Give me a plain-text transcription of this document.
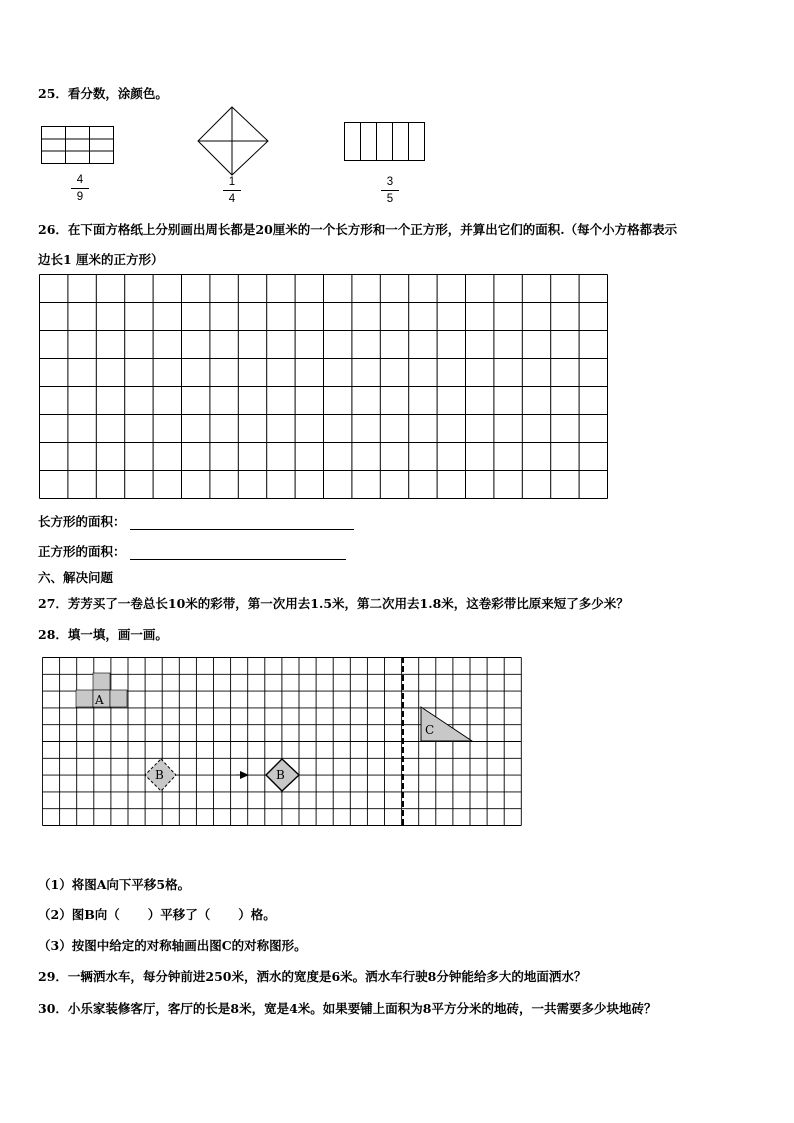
25．看分数，涂颜色。
4
9
1
4
3
5
26．在下面方格纸上分别画出周长都是20厘米的一个长方形和一个正方形，并算出它们的面积.（每个小方格都表示
边长1 厘米的正方形）
长方形的面积：
正方形的面积：
六、解决问题
27．芳芳买了一卷总长10米的彩带，第一次用去1.5米，第二次用去1.8米，这卷彩带比原来短了多少米？
28．填一填，画一画。
A
C
B	B
（1）将图A向下平移5格。
（2）图B向（ ）平移了（ ）格。
（3）按图中给定的对称轴画出图C的对称图形。
29．一辆洒水车，每分钟前进250米，洒水的宽度是6米。洒水车行驶8分钟能给多大的地面洒水？
30．小乐家装修客厅，客厅的长是8米，宽是4米。如果要铺上面积为8平方分米的地砖，一共需要多少块地砖？
